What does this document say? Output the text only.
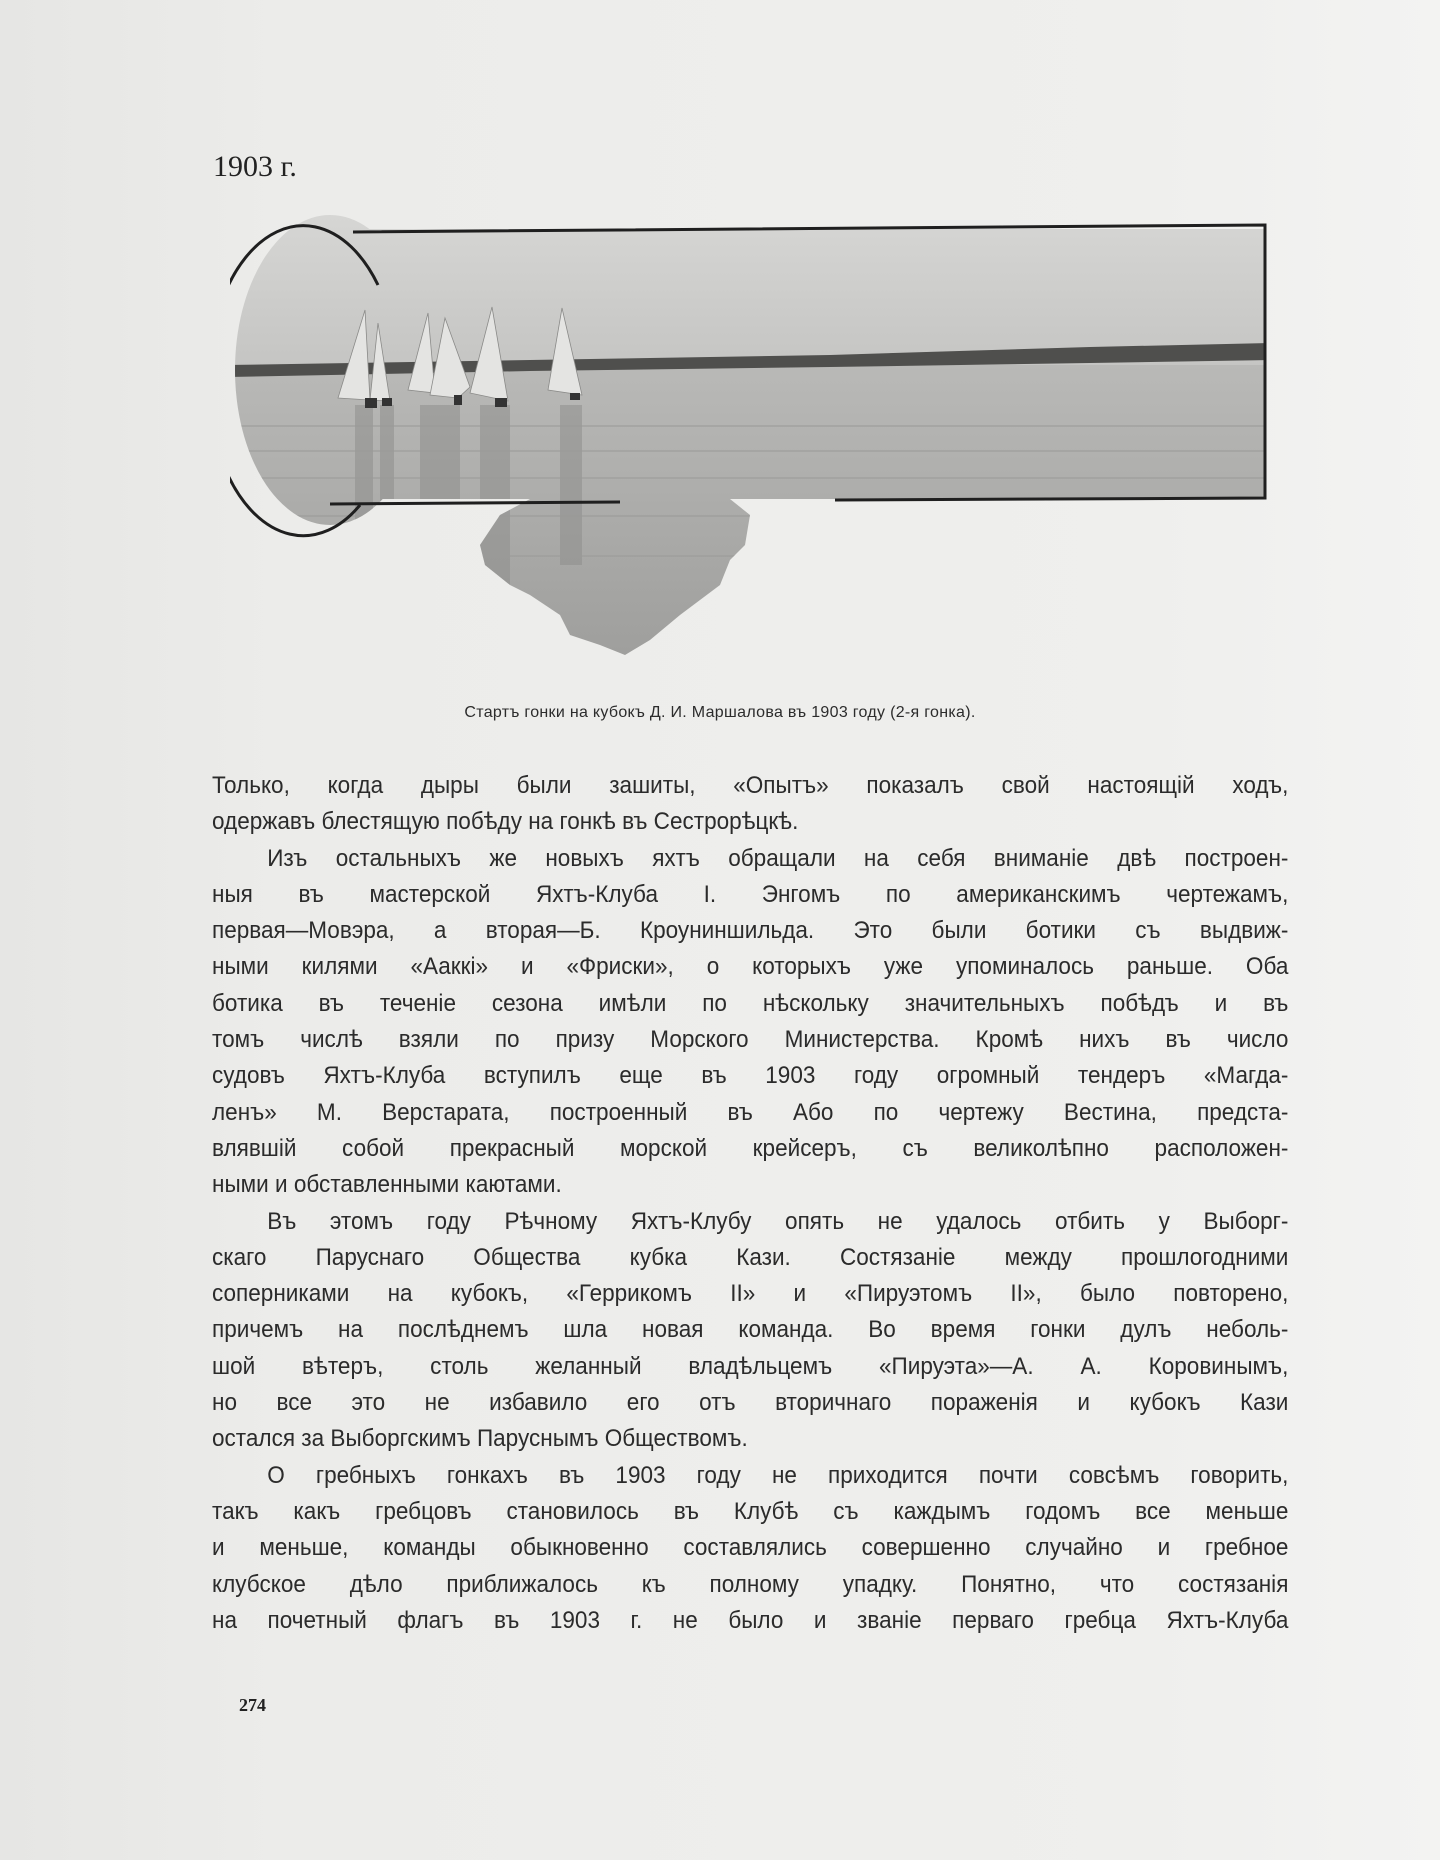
1903 г.
Стартъ гонки на кубокъ Д. И. Маршалова въ 1903 году (2-я гонка).
Только, когда дыры были зашиты, «Опытъ» показалъ свой настоящій ходъ,
одержавъ блестящую побѣду на гонкѣ въ Сестрорѣцкѣ.
Изъ остальныхъ же новыхъ яхтъ обращали на себя вниманіе двѣ построен-
ныя въ мастерской Яхтъ-Клуба І. Энгомъ по американскимъ чертежамъ,
первая—Мовэра, а вторая—Б. Кроуниншильда. Это были ботики съ выдвиж-
ными килями «Ааккі» и «Фриски», о которыхъ уже упоминалось раньше. Оба
ботика въ теченіе сезона имѣли по нѣскольку значительныхъ побѣдъ и въ
томъ числѣ взяли по призу Морского Министерства. Кромѣ нихъ въ число
судовъ Яхтъ-Клуба вступилъ еще въ 1903 году огромный тендеръ «Магда-
ленъ» М. Верстарата, построенный въ Або по чертежу Вестина, предста-
влявшій собой прекрасный морской крейсеръ, съ великолѣпно расположен-
ными и обставленными каютами.
Въ этомъ году Рѣчному Яхтъ-Клубу опять не удалось отбить у Выборг-
скаго Паруснаго Общества кубка Кази. Состязаніе между прошлогодними
соперниками на кубокъ, «Геррикомъ II» и «Пируэтомъ II», было повторено,
причемъ на послѣднемъ шла новая команда. Во время гонки дулъ неболь-
шой вѣтеръ, столь желанный владѣльцемъ «Пируэта»—А. А. Коровинымъ,
но все это не избавило его отъ вторичнаго пораженія и кубокъ Кази
остался за Выборгскимъ Паруснымъ Обществомъ.
О гребныхъ гонкахъ въ 1903 году не приходится почти совсѣмъ говорить,
такъ какъ гребцовъ становилось въ Клубѣ съ каждымъ годомъ все меньше
и меньше, команды обыкновенно составлялись совершенно случайно и гребное
клубское дѣло приближалось къ полному упадку. Понятно, что состязанія
на почетный флагъ въ 1903 г. не было и званіе перваго гребца Яхтъ-Клуба
274
